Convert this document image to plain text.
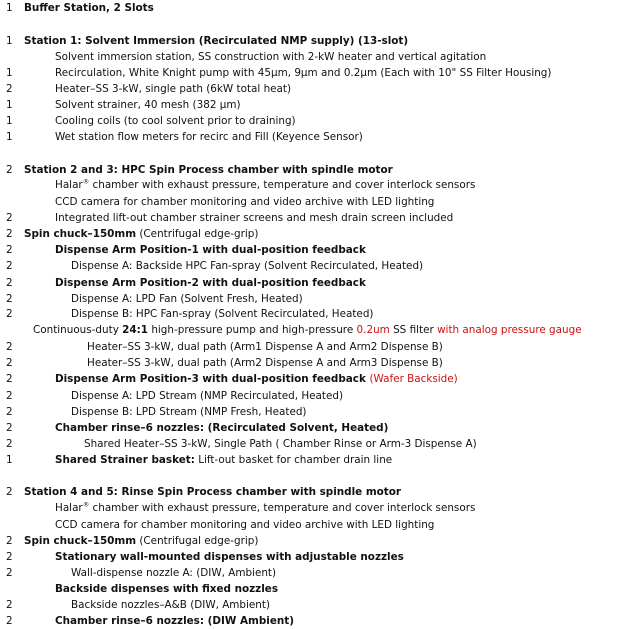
1 Buffer Station, 2 Slots
1 Station 1: Solvent Immersion (Recirculated NMP supply) (13-slot)
Solvent immersion station, SS construction with 2-kW heater and vertical agitation
1	Recirculation, White Knight pump with 45µm, 9µm and 0.2µm (Each with 10" SS Filter Housing)
2	Heater–SS 3-kW, single path (6kW total heat)
1	Solvent strainer, 40 mesh (382 µm)
1	Cooling coils (to cool solvent prior to draining)
1	Wet station flow meters for recirc and Fill (Keyence Sensor)
2 Station 2 and 3: HPC Spin Process chamber with spindle motor
Halar® chamber with exhaust pressure, temperature and cover interlock sensors
CCD camera for chamber monitoring and video archive with LED lighting
2	Integrated lift-out chamber strainer screens and mesh drain screen included
2 Spin chuck–150mm (Centrifugal edge-grip)
2	Dispense Arm Position-1 with dual-position feedback
2	Dispense A: Backside HPC Fan-spray (Solvent Recirculated, Heated)
2	Dispense Arm Position-2 with dual-position feedback
2	Dispense A: LPD Fan (Solvent Fresh, Heated)
2	Dispense B: HPC Fan-spray (Solvent Recirculated, Heated)
Continuous-duty 24:1 high-pressure pump and high-pressure 0.2um SS filter with analog pressure gauge
2	Heater–SS 3-kW, dual path (Arm1 Dispense A and Arm2 Dispense B)
2	Heater–SS 3-kW, dual path (Arm2 Dispense A and Arm3 Dispense B)
2	Dispense Arm Position-3 with dual-position feedback (Wafer Backside)
2	Dispense A: LPD Stream (NMP Recirculated, Heated)
2	Dispense B: LPD Stream (NMP Fresh, Heated)
2	Chamber rinse–6 nozzles: (Recirculated Solvent, Heated)
2	Shared Heater–SS 3-kW, Single Path ( Chamber Rinse or Arm-3 Dispense A)
1	Shared Strainer basket: Lift-out basket for chamber drain line
2 Station 4 and 5: Rinse Spin Process chamber with spindle motor
Halar® chamber with exhaust pressure, temperature and cover interlock sensors
CCD camera for chamber monitoring and video archive with LED lighting
2 Spin chuck–150mm (Centrifugal edge-grip)
2	Stationary wall-mounted dispenses with adjustable nozzles
2	Wall-dispense nozzle A: (DIW, Ambient)
Backside dispenses with fixed nozzles
2	Backside nozzles–A&B (DIW, Ambient)
2	Chamber rinse–6 nozzles: (DIW Ambient)
